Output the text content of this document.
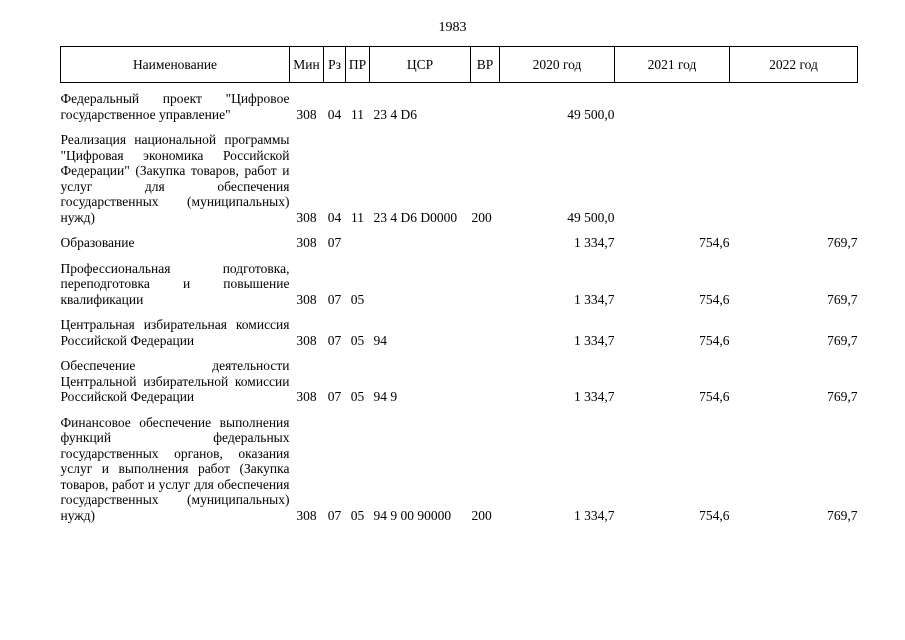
1983
Наименование	Мин	Рз	ПР	ЦСР	ВР	2020 год	2021 год	2022 год
Федеральный проект "Цифровое государственное управление"	308	04	11	23 4 D6		49 500,0		
Реализация национальной программы "Цифровая экономика Российской Федерации" (Закупка товаров, работ и услуг для обеспечения государственных (муниципальных) нужд)	308	04	11	23 4 D6 D0000	200	49 500,0		
Образование	308	07				1 334,7	754,6	769,7
Профессиональная подготовка, переподготовка и повышение квалификации	308	07	05			1 334,7	754,6	769,7
Центральная избирательная комиссия Российской Федерации	308	07	05	94		1 334,7	754,6	769,7
Обеспечение деятельности Центральной избирательной комиссии Российской Федерации	308	07	05	94 9		1 334,7	754,6	769,7
Финансовое обеспечение выполнения функций федеральных государственных органов, оказания услуг и выполнения работ (Закупка товаров, работ и услуг для обеспечения государственных (муниципальных) нужд)	308	07	05	94 9 00 90000	200	1 334,7	754,6	769,7
